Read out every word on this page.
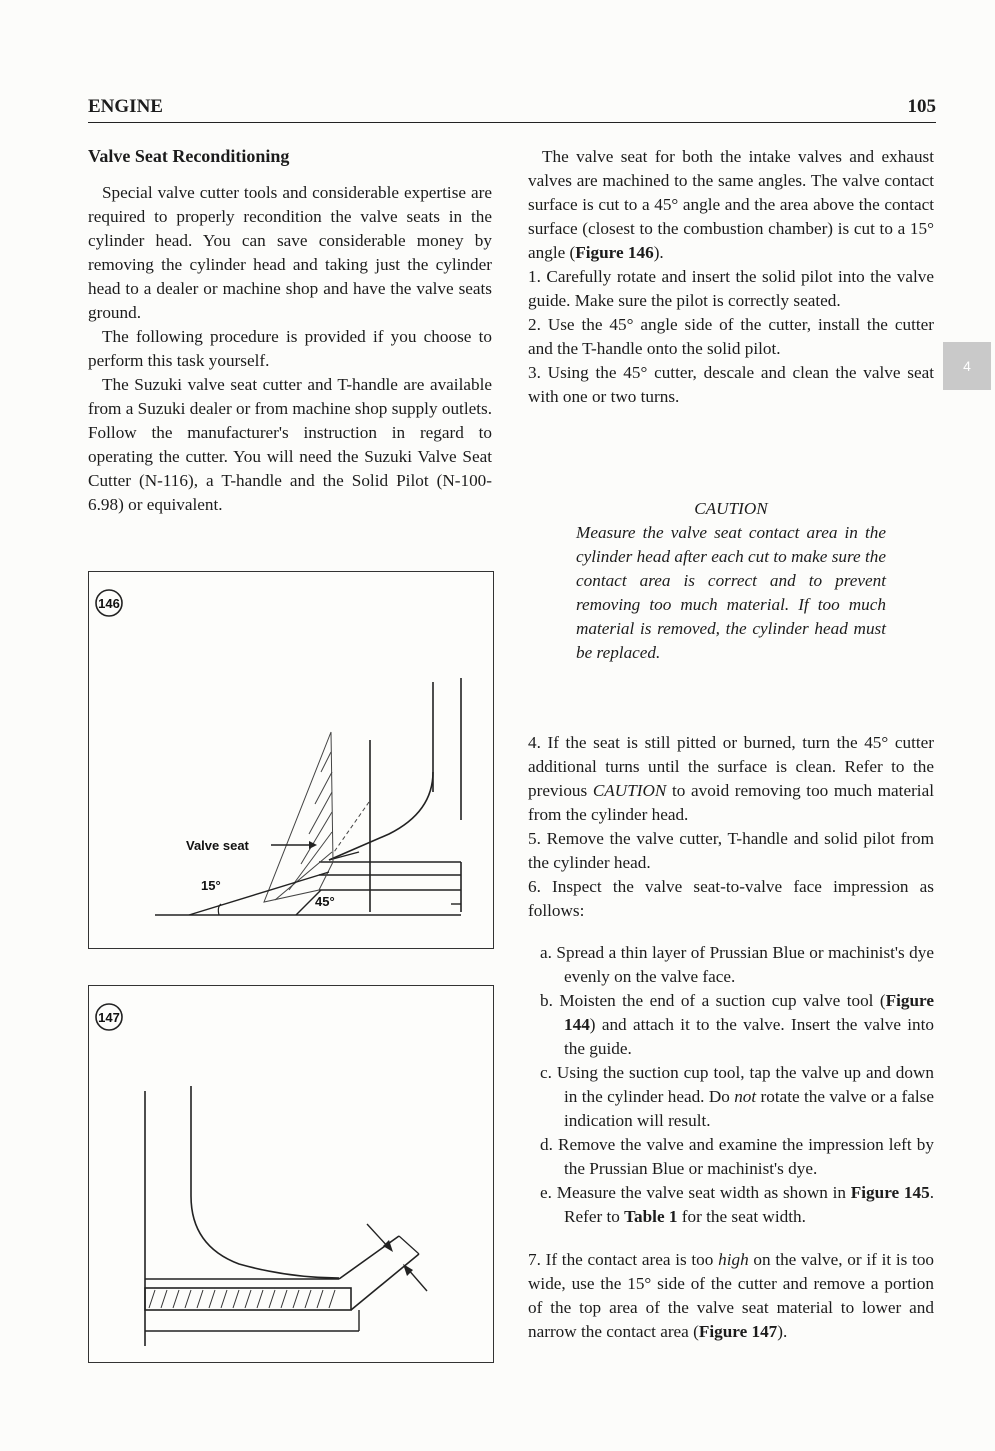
ENGINE	105
Valve Seat Reconditioning

Special valve cutter tools and considerable expertise are required to properly recondition the valve seats in the cylinder head. You can save considerable money by removing the cylinder head and taking just the cylinder head to a dealer or machine shop and have the valve seats ground.

The following procedure is provided if you choose to perform this task yourself.

The Suzuki valve seat cutter and T-handle are available from a Suzuki dealer or from machine shop supply outlets. Follow the manufacturer's instruction in regard to operating the cutter. You will need the Suzuki Valve Seat Cutter (N-116), a T-handle and the Solid Pilot (N-100-6.98) or equivalent.

146
Valve seat
15°
45°
147

The valve seat for both the intake valves and exhaust valves are machined to the same angles. The valve contact surface is cut to a 45° angle and the area above the contact surface (closest to the combustion chamber) is cut to a 15° angle (Figure 146).

1. Carefully rotate and insert the solid pilot into the valve guide. Make sure the pilot is correctly seated.

2. Use the 45° angle side of the cutter, install the cutter and the T-handle onto the solid pilot.

3. Using the 45° cutter, descale and clean the valve seat with one or two turns.

CAUTION

Measure the valve seat contact area in the cylinder head after each cut to make sure the contact area is correct and to prevent removing too much material. If too much material is removed, the cylinder head must be replaced.

4. If the seat is still pitted or burned, turn the 45° cutter additional turns until the surface is clean. Refer to the previous CAUTION to avoid removing too much material from the cylinder head.

5. Remove the valve cutter, T-handle and solid pilot from the cylinder head.

6. Inspect the valve seat-to-valve face impression as follows:

a. Spread a thin layer of Prussian Blue or machinist's dye evenly on the valve face.

b. Moisten the end of a suction cup valve tool (Figure 144) and attach it to the valve. Insert the valve into the guide.

c. Using the suction cup tool, tap the valve up and down in the cylinder head. Do not rotate the valve or a false indication will result.

d. Remove the valve and examine the impression left by the Prussian Blue or machinist's dye.

e. Measure the valve seat width as shown in Figure 145. Refer to Table 1 for the seat width.

7. If the contact area is too high on the valve, or if it is too wide, use the 15° side of the cutter and remove a portion of the top area of the valve seat material to lower and narrow the contact area (Figure 147).

4
